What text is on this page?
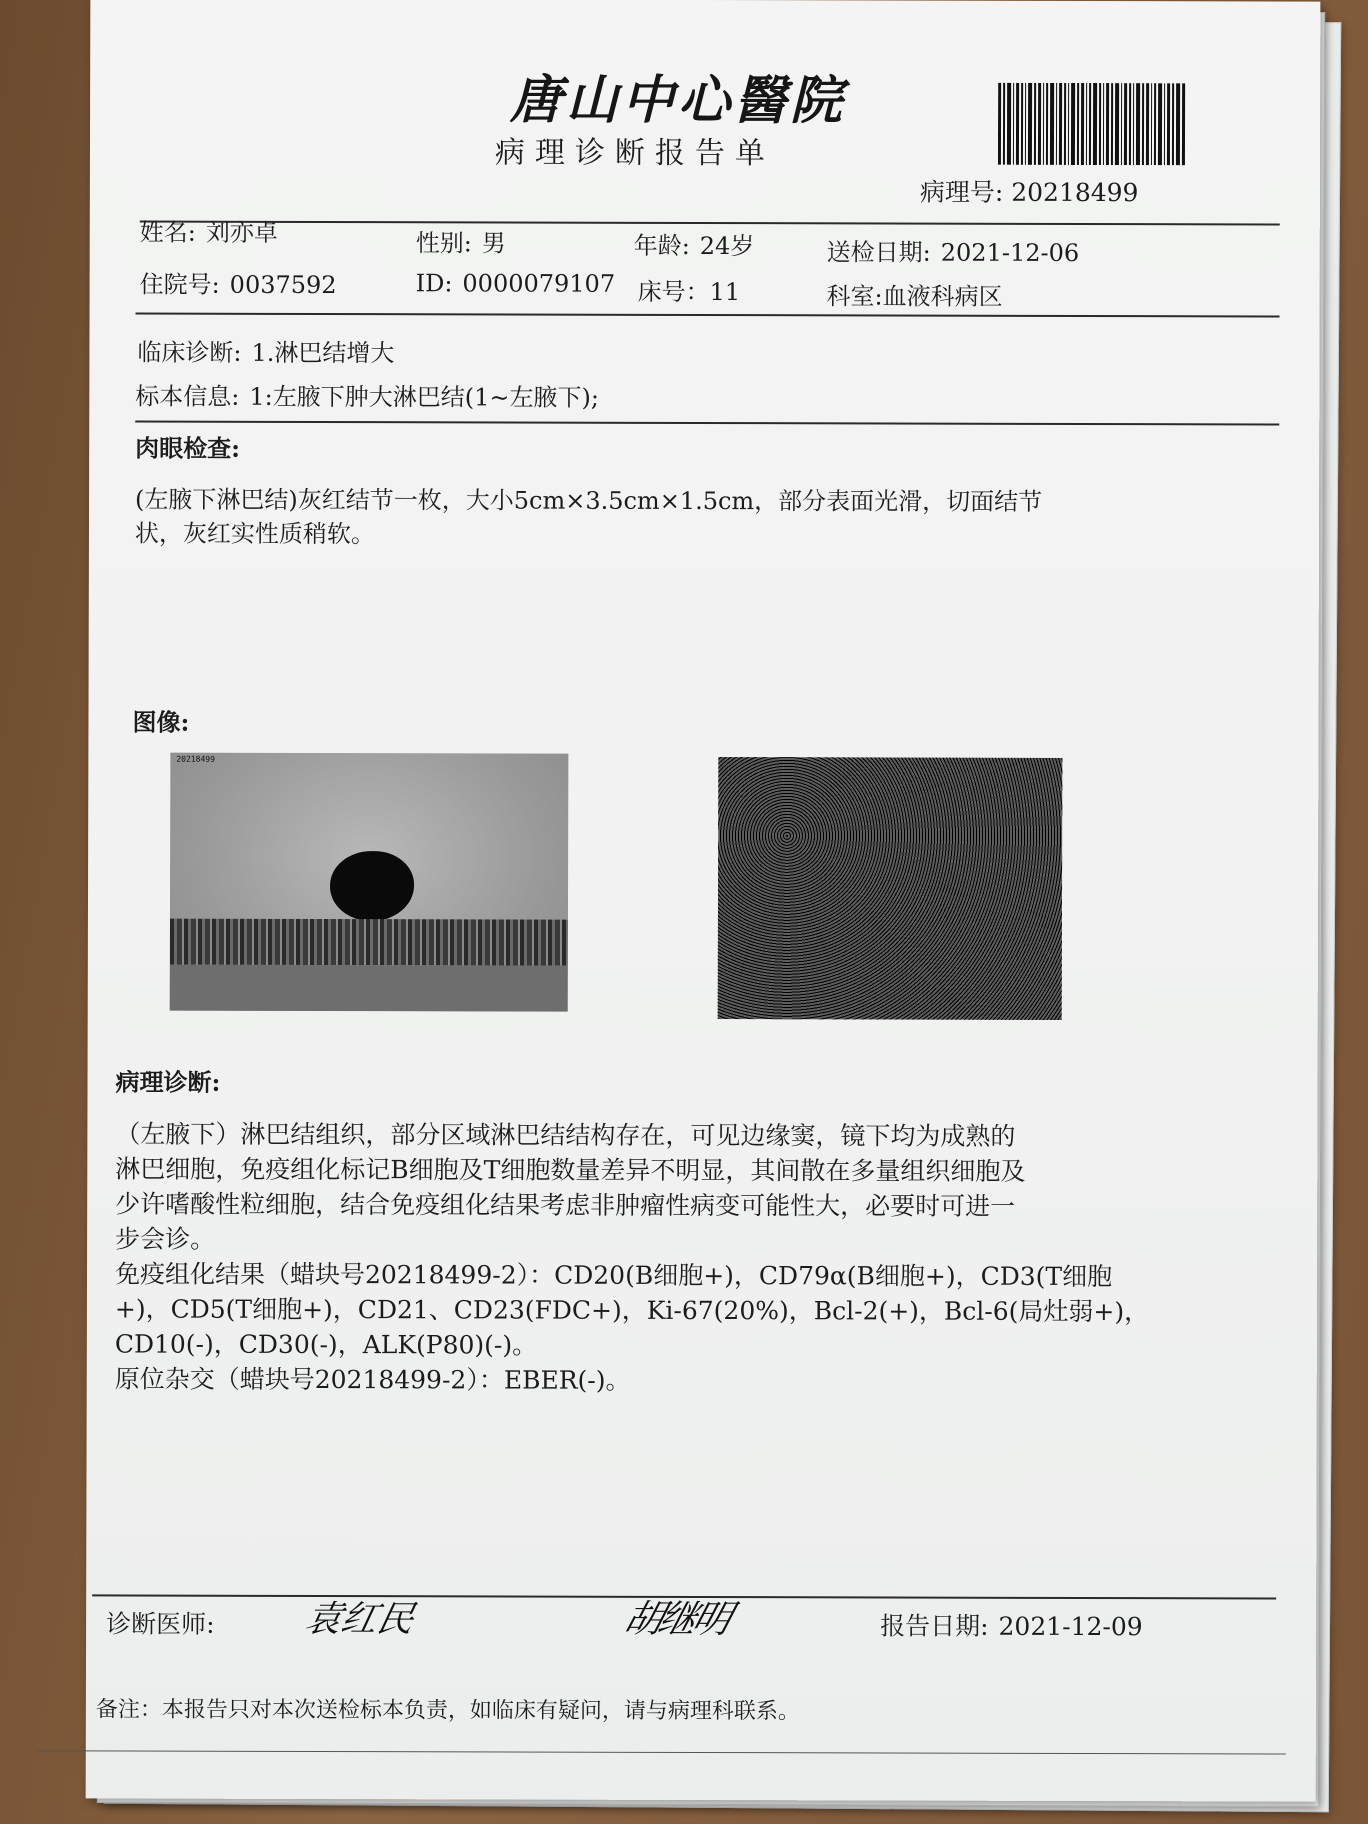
唐山中心醫院
病理诊断报告单
病理号: 20218499
姓名: 刘亦卓	性别: 男	年龄: 24岁	送检日期: 2021-12-06
住院号: 0037592	ID: 0000079107 床号：11	科室:血液科病区
临床诊断: 1.淋巴结增大
标本信息: 1:左腋下肿大淋巴结(1~左腋下);
肉眼检查:
(左腋下淋巴结)灰红结节一枚，大小5cm×3.5cm×1.5cm，部分表面光滑，切面结节
状，灰红实性质稍软。
图像:
20218499
病理诊断:
（左腋下）淋巴结组织，部分区域淋巴结结构存在，可见边缘窦，镜下均为成熟的
淋巴细胞，免疫组化标记B细胞及T细胞数量差异不明显，其间散在多量组织细胞及
少许嗜酸性粒细胞，结合免疫组化结果考虑非肿瘤性病变可能性大，必要时可进一
步会诊。
免疫组化结果（蜡块号20218499-2）：CD20(B细胞+)，CD79α(B细胞+)，CD3(T细胞
+)，CD5(T细胞+)，CD21、CD23(FDC+)，Ki-67(20%)，Bcl-2(+)，Bcl-6(局灶弱+)，
CD10(-)，CD30(-)，ALK(P80)(-)。
原位杂交（蜡块号20218499-2）：EBER(-)。
诊断医师: 袁红民	胡继明	报告日期: 2021-12-09
备注：本报告只对本次送检标本负责，如临床有疑问，请与病理科联系。
